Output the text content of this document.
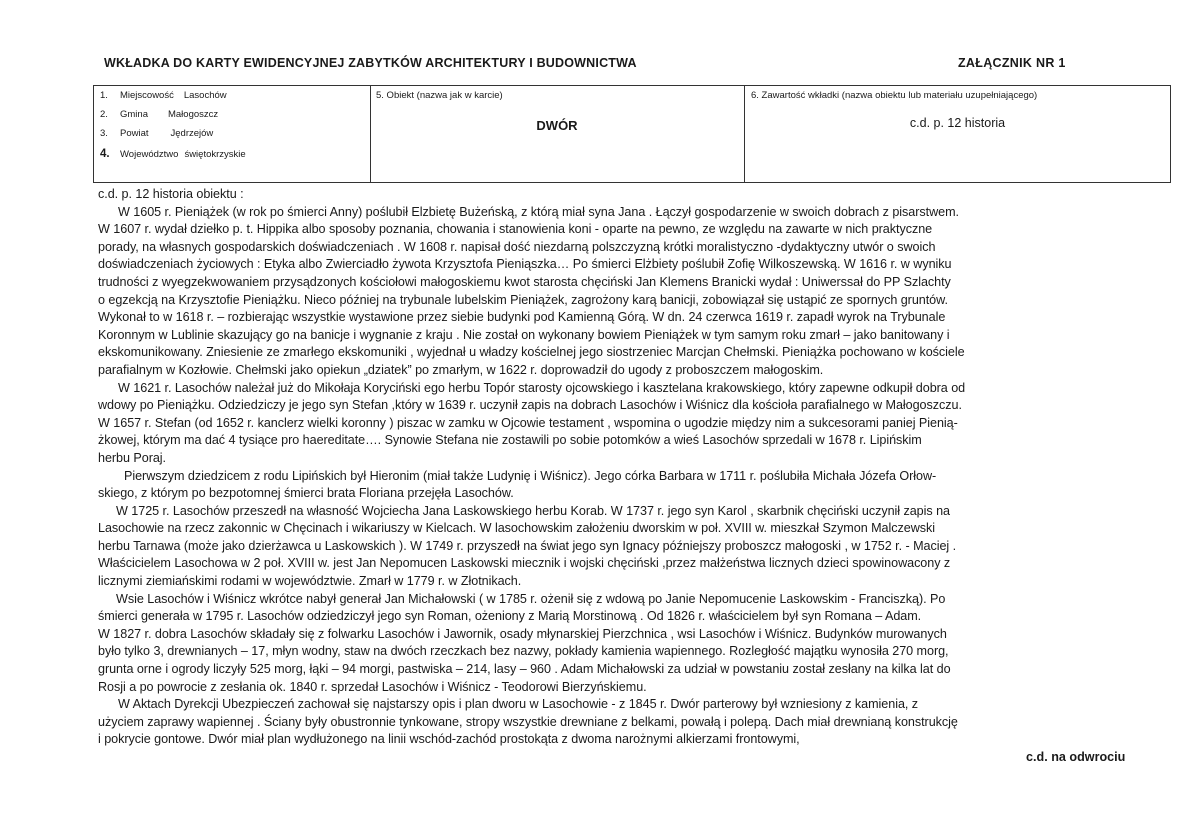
WKŁADKA DO KARTY EWIDENCYJNEJ ZABYTKÓW ARCHITEKTURY I BUDOWNICTWA	ZAŁĄCZNIK NR 1
1. Miejscowość Lasochów
2. Gmina Małogoszcz
3. Powiat Jędrzejów
4. Województwo świętokrzyskie
5. Obiekt (nazwa jak w karcie)
DWÓR
6. Zawartość wkładki (nazwa obiektu lub materiału uzupełniającego)
c.d. p. 12 historia
c.d. p. 12 historia obiektu :
W 1605 r. Pieniążek (w rok po śmierci Anny) poślubił Elzbietę Bużeńską, z którą miał syna Jana . Łączył gospodarzenie w swoich dobrach z pisarstwem.
W 1607 r. wydał dziełko p. t. Hippika albo sposoby poznania, chowania i stanowienia koni - oparte na pewno, ze względu na zawarte w nich praktyczne
porady, na własnych gospodarskich doświadczeniach . W 1608 r. napisał dość niezdarną polszczyzną krótki moralistyczno -dydaktyczny utwór o swoich
doświadczeniach życiowych : Etyka albo Zwierciadło żywota Krzysztofa Pieniąszka… Po śmierci Elżbiety poślubił Zofię Wilkoszewską. W 1616 r. w wyniku
trudności z wyegzekwowaniem przysądzonych kościołowi małogoskiemu kwot starosta chęciński Jan Klemens Branicki wydał : Uniwerssał do PP Szlachty
o egzekcją na Krzysztofie Pieniążku. Nieco później na trybunale lubelskim Pieniążek, zagrożony karą banicji, zobowiązał się ustąpić ze spornych gruntów.
Wykonał to w 1618 r. – rozbierając wszystkie wystawione przez siebie budynki pod Kamienną Górą. W dn. 24 czerwca 1619 r. zapadł wyrok na Trybunale
Koronnym w Lublinie skazujący go na banicje i wygnanie z kraju . Nie został on wykonany bowiem Pieniążek w tym samym roku zmarł – jako banitowany i
ekskomunikowany. Zniesienie ze zmarłego ekskomuniki , wyjednał u władzy kościelnej jego siostrzeniec Marcjan Chełmski. Pieniążka pochowano w kościele
parafialnym w Kozłowie. Chełmski jako opiekun „dziatek” po zmarłym, w 1622 r. doprowadził do ugody z proboszczem małogoskim.
W 1621 r. Lasochów należał już do Mikołaja Koryciński ego herbu Topór starosty ojcowskiego i kasztelana krakowskiego, który zapewne odkupił dobra od
wdowy po Pieniążku. Odziedziczy je jego syn Stefan ,który w 1639 r. uczynił zapis na dobrach Lasochów i Wiśnicz dla kościoła parafialnego w Małogoszczu.
W 1657 r. Stefan (od 1652 r. kanclerz wielki koronny ) piszac w zamku w Ojcowie testament , wspomina o ugodzie między nim a sukcesorami paniej Pienią-
żkowej, którym ma dać 4 tysiące pro haereditate…. Synowie Stefana nie zostawili po sobie potomków a wieś Lasochów sprzedali w 1678 r. Lipińskim
herbu Poraj.
Pierwszym dziedzicem z rodu Lipińskich był Hieronim (miał także Ludynię i Wiśnicz). Jego córka Barbara w 1711 r. poślubiła Michała Józefa Orłow-
skiego, z którym po bezpotomnej śmierci brata Floriana przejęła Lasochów.
W 1725 r. Lasochów przeszedł na własność Wojciecha Jana Laskowskiego herbu Korab. W 1737 r. jego syn Karol , skarbnik chęciński uczynił zapis na
Lasochowie na rzecz zakonnic w Chęcinach i wikariuszy w Kielcach. W lasochowskim założeniu dworskim w poł. XVIII w. mieszkał Szymon Malczewski
herbu Tarnawa (może jako dzierżawca u Laskowskich ). W 1749 r. przyszedł na świat jego syn Ignacy późniejszy proboszcz małogoski , w 1752 r. - Maciej .
Właścicielem Lasochowa w 2 poł. XVIII w. jest Jan Nepomucen Laskowski miecznik i wojski chęciński ,przez małżeństwa licznych dzieci spowinowacony z
licznymi ziemiańskimi rodami w województwie. Zmarł w 1779 r. w Złotnikach.
Wsie Lasochów i Wiśnicz wkrótce nabył generał Jan Michałowski ( w 1785 r. ożenił się z wdową po Janie Nepomucenie Laskowskim - Franciszką). Po
śmierci generała w 1795 r. Lasochów odziedziczył jego syn Roman, ożeniony z Marią Morstinową . Od 1826 r. właścicielem był syn Romana – Adam.
W 1827 r. dobra Lasochów składały się z folwarku Lasochów i Jawornik, osady młynarskiej Pierzchnica , wsi Lasochów i Wiśnicz. Budynków murowanych
było tylko 3, drewnianych – 17, młyn wodny, staw na dwóch rzeczkach bez nazwy, pokłady kamienia wapiennego. Rozległość majątku wynosiła 270 morg,
grunta orne i ogrody liczyły 525 morg, łąki – 94 morgi, pastwiska – 214, lasy – 960 . Adam Michałowski za udział w powstaniu został zesłany na kilka lat do
Rosji a po powrocie z zesłania ok. 1840 r. sprzedał Lasochów i Wiśnicz - Teodorowi Bierzyńskiemu.
W Aktach Dyrekcji Ubezpieczeń zachował się najstarszy opis i plan dworu w Lasochowie - z 1845 r. Dwór parterowy był wzniesiony z kamienia, z
użyciem zaprawy wapiennej . Ściany były obustronnie tynkowane, stropy wszystkie drewniane z belkami, powałą i polepą. Dach miał drewnianą konstrukcję
i pokrycie gontowe. Dwór miał plan wydłużonego na linii wschód-zachód prostokąta z dwoma narożnymi alkierzami frontowymi,
c.d. na odwrociu
